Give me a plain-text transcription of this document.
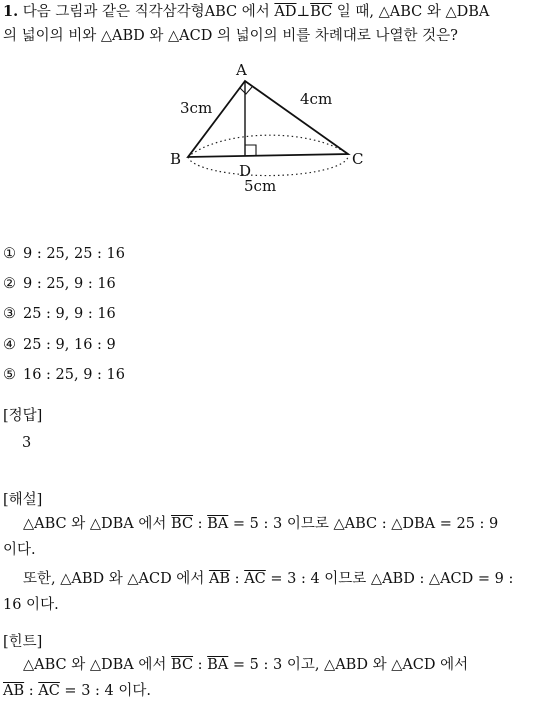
1. 다음 그림과 같은 직각삼각형ABC 에서 $\overline{AD}\perp\overline{BC}$ 일 때, △ABC 와 △DBA
의 넓이의 비와 △ABD 와 △ACD 의 넓이의 비를 차례대로 나열한 것은?
A
B	C
D
3cm	4cm
5cm
① 9 : 25, 25 : 16
② 9 : 25, 9 : 16
③ 25 : 9, 9 : 16
④ 25 : 9, 16 : 9
⑤ 16 : 25, 9 : 16
[정답]
3
[해설]
△ABC 와 △DBA 에서 $\overline{BC}$ : $\overline{BA} = 5$ : 3 이므로 △ABC : △DBA = 25 : 9
이다.
또한, △ABD 와 △ACD 에서 $\overline{AB}$ : $\overline{AC} = 3$ : 4 이므로 △ABD : △ACD = 9 :
16 이다.
[힌트]
△ABC 와 △DBA 에서 $\overline{BC}$ : $\overline{BA} = 5$ : 3 이고, △ABD 와 △ACD 에서
$\overline{AB}$ : $\overline{AC} = 3$ : 4 이다.
